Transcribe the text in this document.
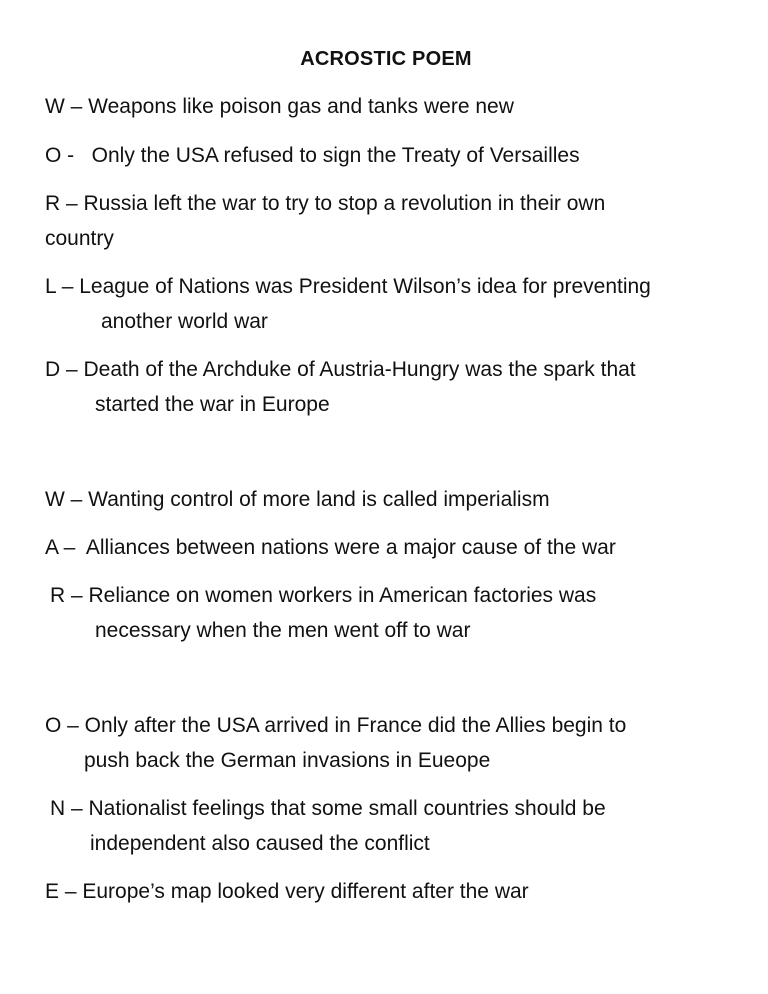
ACROSTIC POEM
W – Weapons like poison gas and tanks were new
O -   Only the USA refused to sign the Treaty of Versailles
R – Russia left the war to try to stop a revolution in their own
country
L – League of Nations was President Wilson’s idea for preventing
another world war
D – Death of the Archduke of Austria-Hungry was the spark that
started the war in Europe
W – Wanting control of more land is called imperialism
A –  Alliances between nations were a major cause of the war
R – Reliance on women workers in American factories was
necessary when the men went off to war
O – Only after the USA arrived in France did the Allies begin to
push back the German invasions in Eueope
N – Nationalist feelings that some small countries should be
independent also caused the conflict
E – Europe’s map looked very different after the war
